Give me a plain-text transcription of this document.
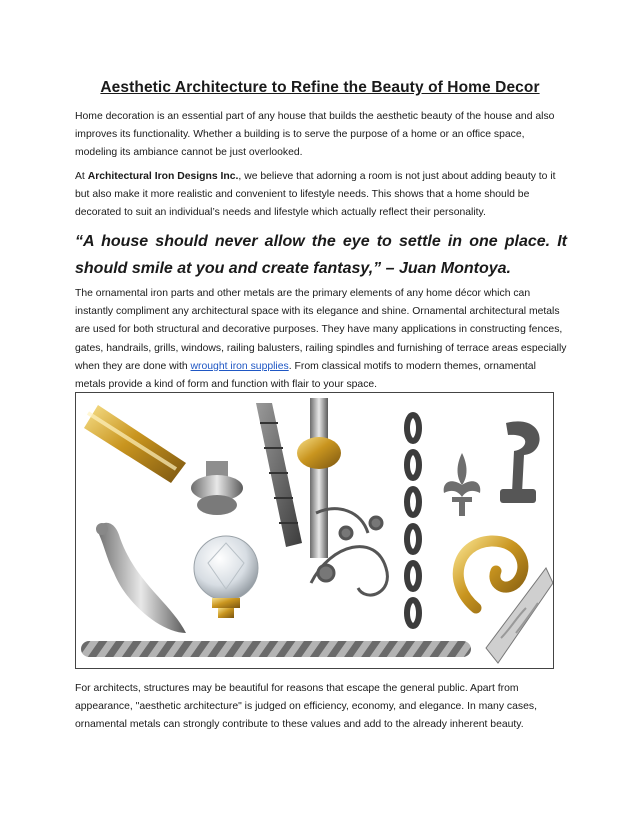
Aesthetic Architecture to Refine the Beauty of Home Decor
Home decoration is an essential part of any house that builds the aesthetic beauty of the house and also improves its functionality. Whether a building is to serve the purpose of a home or an office space, modeling its ambiance cannot be just overlooked.
At Architectural Iron Designs Inc., we believe that adorning a room is not just about adding beauty to it but also make it more realistic and convenient to lifestyle needs. This shows that a home should be decorated to suit an individual’s needs and lifestyle which actually reflect their personality.
“A house should never allow the eye to settle in one place. It should smile at you and create fantasy,” – Juan Montoya.
The ornamental iron parts and other metals are the primary elements of any home décor which can instantly compliment any architectural space with its elegance and shine. Ornamental architectural metals are used for both structural and decorative purposes. They have many applications in constructing fences, gates, handrails, grills, windows, railing balusters, railing spindles and furnishing of terrace areas especially when they are done with wrought iron supplies. From classical motifs to modern themes, ornamental metals provide a kind of form and function with flair to your space.
For architects, structures may be beautiful for reasons that escape the general public. Apart from appearance, "aesthetic architecture" is judged on efficiency, economy, and elegance. In many cases, ornamental metals can strongly contribute to these values and add to the already inherent beauty.
